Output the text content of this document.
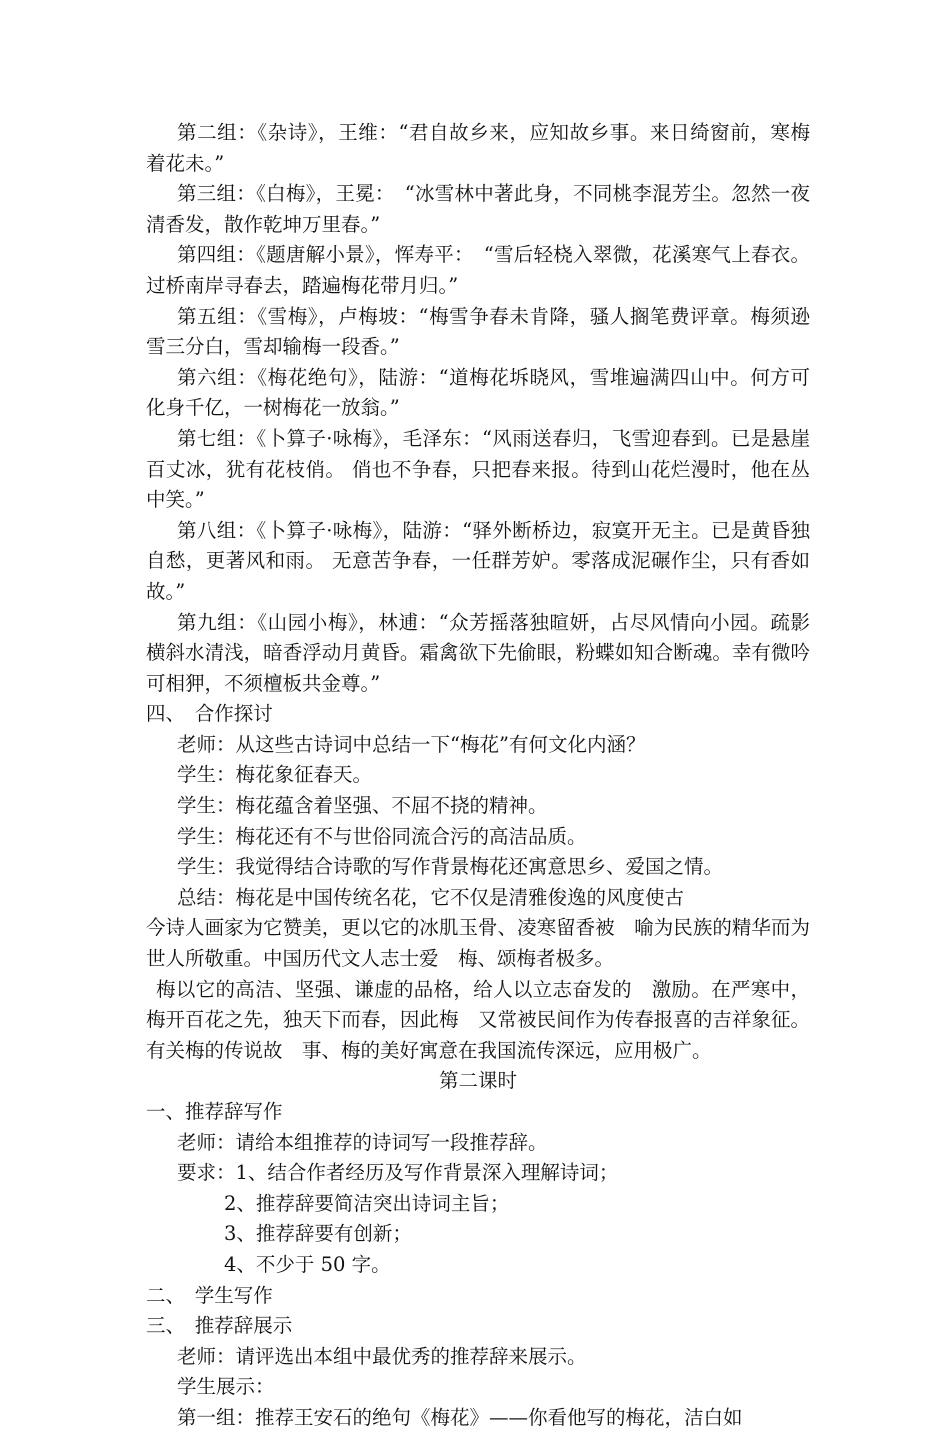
第二组：《杂诗》，王维：“君自故乡来，应知故乡事。来日绮窗前，寒梅着花未。”

第三组：《白梅》，王冕：　“冰雪林中著此身，不同桃李混芳尘。忽然一夜清香发，散作乾坤万里春。”

第四组：《题唐解小景》，恽寿平：　“雪后轻桡入翠微，花溪寒气上春衣。 过桥南岸寻春去，踏遍梅花带月归。”

第五组：《雪梅》，卢梅坡：“梅雪争春未肯降，骚人搁笔费评章。梅须逊雪三分白，雪却输梅一段香。”

第六组：《梅花绝句》，陆游：“道梅花坼晓风，雪堆遍满四山中。何方可化身千亿，一树梅花一放翁。”

第七组：《卜算子·咏梅》，毛泽东：“风雨送春归，飞雪迎春到。已是悬崖百丈冰，犹有花枝俏。 俏也不争春，只把春来报。待到山花烂漫时，他在丛中笑。”

第八组：《卜算子·咏梅》，陆游：“驿外断桥边，寂寞开无主。已是黄昏独自愁，更著风和雨。 无意苦争春，一任群芳妒。零落成泥碾作尘，只有香如故。”

第九组：《山园小梅》，林逋：“众芳摇落独暄妍，占尽风情向小园。疏影横斜水清浅，暗香浮动月黄昏。霜禽欲下先偷眼，粉蝶如知合断魂。幸有微吟可相狎，不须檀板共金尊。”

四、　合作探讨

老师：从这些古诗词中总结一下“梅花”有何文化内涵？

学生：梅花象征春天。

学生：梅花蕴含着坚强、不屈不挠的精神。

学生：梅花还有不与世俗同流合污的高洁品质。

学生：我觉得结合诗歌的写作背景梅花还寓意思乡、爱国之情。

总结：梅花是中国传统名花，它不仅是清雅俊逸的风度使古

今诗人画家为它赞美，更以它的冰肌玉骨、凌寒留香被　喻为民族的精华而为世人所敬重。中国历代文人志士爱　梅、颂梅者极多。

梅以它的高洁、坚强、谦虚的品格，给人以立志奋发的　激励。在严寒中，梅开百花之先，独天下而春，因此梅　又常被民间作为传春报喜的吉祥象征。有关梅的传说故　事、梅的美好寓意在我国流传深远，应用极广。

第二课时

一、推荐辞写作

老师：请给本组推荐的诗词写一段推荐辞。

要求：1、结合作者经历及写作背景深入理解诗词；

2、推荐辞要简洁突出诗词主旨；

3、推荐辞要有创新；

4、不少于 50 字。

二、　学生写作

三、　推荐辞展示

老师：请评选出本组中最优秀的推荐辞来展示。

学生展示：

第一组：推荐王安石的绝句《梅花》——你看他写的梅花，洁白如
